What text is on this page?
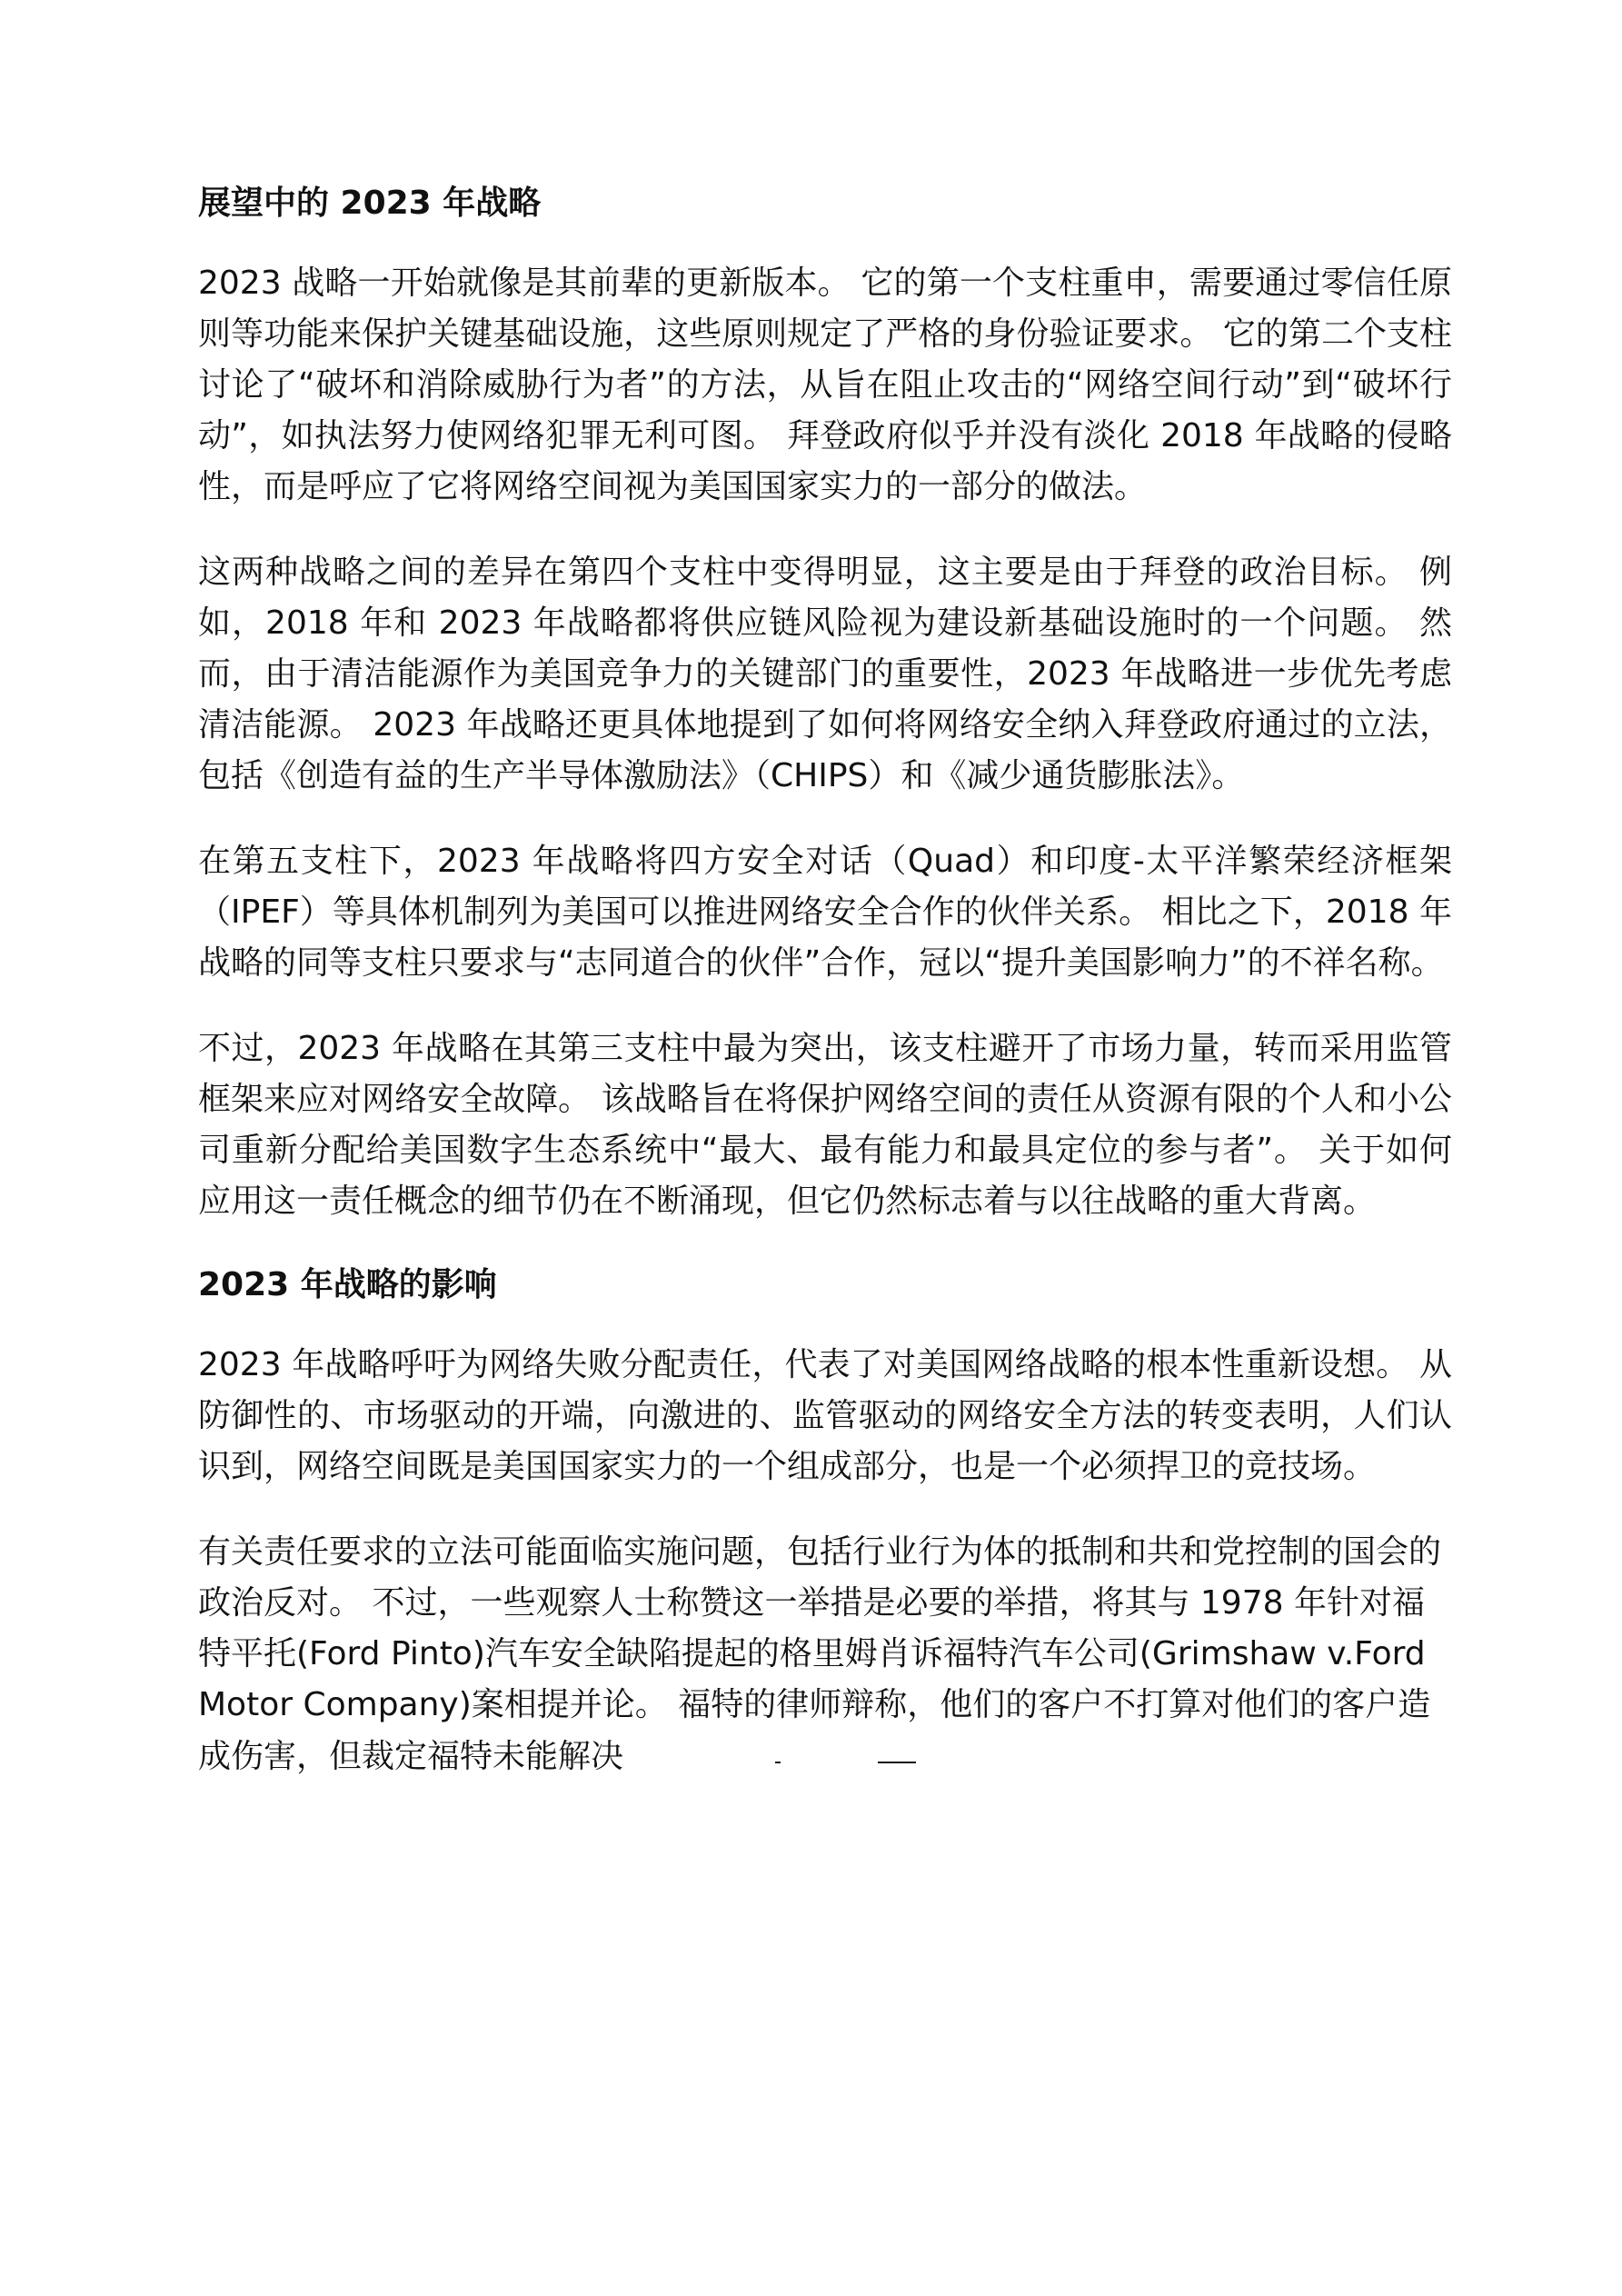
展望中的 2023 年战略

2023 战略一开始就像是其前辈的更新版本。 它的第一个支柱重申，需要通过零信任原则等功能来保护关键基础设施，这些原则规定了严格的身份验证要求。 它的第二个支柱讨论了“破坏和消除威胁行为者”的方法，从旨在阻止攻击的“网络空间行动”到“破坏行动”，如执法努力使网络犯罪无利可图。 拜登政府似乎并没有淡化 2018 年战略的侵略性，而是呼应了它将网络空间视为美国国家实力的一部分的做法。

这两种战略之间的差异在第四个支柱中变得明显，这主要是由于拜登的政治目标。 例如，2018 年和 2023 年战略都将供应链风险视为建设新基础设施时的一个问题。 然而，由于清洁能源作为美国竞争力的关键部门的重要性，2023 年战略进一步优先考虑清洁能源。 2023 年战略还更具体地提到了如何将网络安全纳入拜登政府通过的立法，包括《创造有益的生产半导体激励法》（CHIPS）和《减少通货膨胀法》。

在第五支柱下，2023 年战略将四方安全对话（Quad）和印度-太平洋繁荣经济框架（IPEF）等具体机制列为美国可以推进网络安全合作的伙伴关系。 相比之下，2018 年战略的同等支柱只要求与“志同道合的伙伴”合作，冠以“提升美国影响力”的不祥名称。

不过，2023 年战略在其第三支柱中最为突出，该支柱避开了市场力量，转而采用监管框架来应对网络安全故障。 该战略旨在将保护网络空间的责任从资源有限的个人和小公司重新分配给美国数字生态系统中“最大、最有能力和最具定位的参与者”。 关于如何应用这一责任概念的细节仍在不断涌现，但它仍然标志着与以往战略的重大背离。

2023 年战略的影响

2023 年战略呼吁为网络失败分配责任，代表了对美国网络战略的根本性重新设想。 从防御性的、市场驱动的开端，向激进的、监管驱动的网络安全方法的转变表明，人们认识到，网络空间既是美国国家实力的一个组成部分，也是一个必须捍卫的竞技场。

有关责任要求的立法可能面临实施问题，包括行业行为体的抵制和共和党控制的国会的政治反对。 不过，一些观察人士称赞这一举措是必要的举措，将其与 1978 年针对福特平托(Ford Pinto)汽车安全缺陷提起的格里姆肖诉福特汽车公司(Grimshaw v.Ford Motor Company)案相提并论。 福特的律师辩称，他们的客户不打算对他们的客户造成伤害，但裁定福特未能解决
